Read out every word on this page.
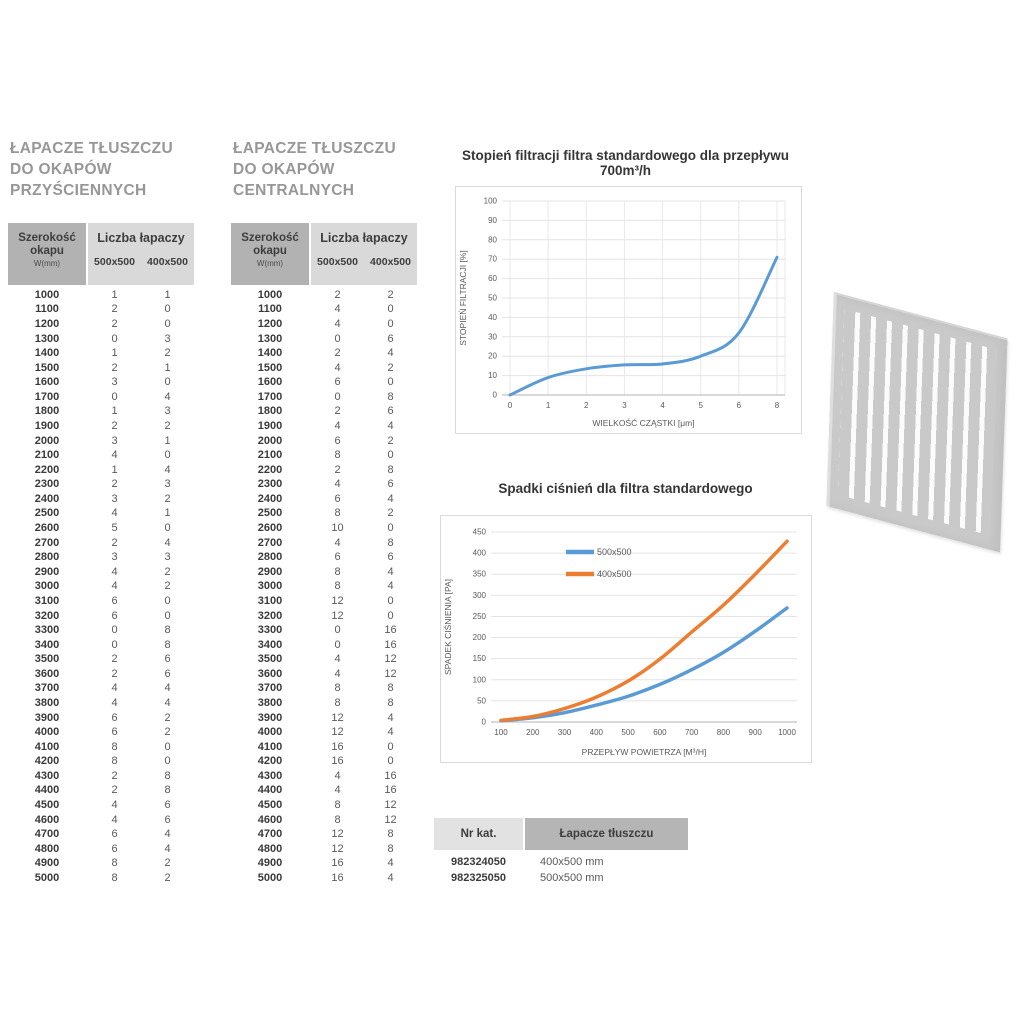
ŁAPACZE TŁUSZCZU
DO OKAPÓW
PRZYŚCIENNYCH
Szerokość okapu
W(mm)
Liczba łapaczy
500x500	400x500
1000	1	1
1100	2	0
1200	2	0
1300	0	3
1400	1	2
1500	2	1
1600	3	0
1700	0	4
1800	1	3
1900	2	2
2000	3	1
2100	4	0
2200	1	4
2300	2	3
2400	3	2
2500	4	1
2600	5	0
2700	2	4
2800	3	3
2900	4	2
3000	4	2
3100	6	0
3200	6	0
3300	0	8
3400	0	8
3500	2	6
3600	2	6
3700	4	4
3800	4	4
3900	6	2
4000	6	2
4100	8	0
4200	8	0
4300	2	8
4400	2	8
4500	4	6
4600	4	6
4700	6	4
4800	6	4
4900	8	2
5000	8	2
ŁAPACZE TŁUSZCZU
DO OKAPÓW
CENTRALNYCH
Szerokość okapu
W(mm)
Liczba łapaczy
500x500	400x500
1000	2	2
1100	4	0
1200	4	0
1300	0	6
1400	2	4
1500	4	2
1600	6	0
1700	0	8
1800	2	6
1900	4	4
2000	6	2
2100	8	0
2200	2	8
2300	4	6
2400	6	4
2500	8	2
2600	10	0
2700	4	8
2800	6	6
2900	8	4
3000	8	4
3100	12	0
3200	12	0
3300	0	16
3400	0	16
3500	4	12
3600	4	12
3700	8	8
3800	8	8
3900	12	4
4000	12	4
4100	16	0
4200	16	0
4300	4	16
4400	4	16
4500	8	12
4600	8	12
4700	12	8
4800	12	8
4900	16	4
5000	16	4
Stopień filtracji filtra standardowego dla przepływu 700m³/h
0
10
20
30
40
50
60
70
80
90
100
0	1	2	3	4	5	6	8
WIELKOŚĆ CZĄSTKI [μm]
STOPIEŃ FILTRACJI [%]
Spadki ciśnień dla filtra standardowego
0
50
100
150
200
250
300
350
400
450
100 200 300 400 500 600 700 800 900 1000
PRZEPŁYW POWIETRZA [M³/H]
SPADEK CIŚNIENIA [PA]
500x500
400x500
Nr kat.	Łapacze tłuszczu
982324050	400x500 mm
982325050	500x500 mm
